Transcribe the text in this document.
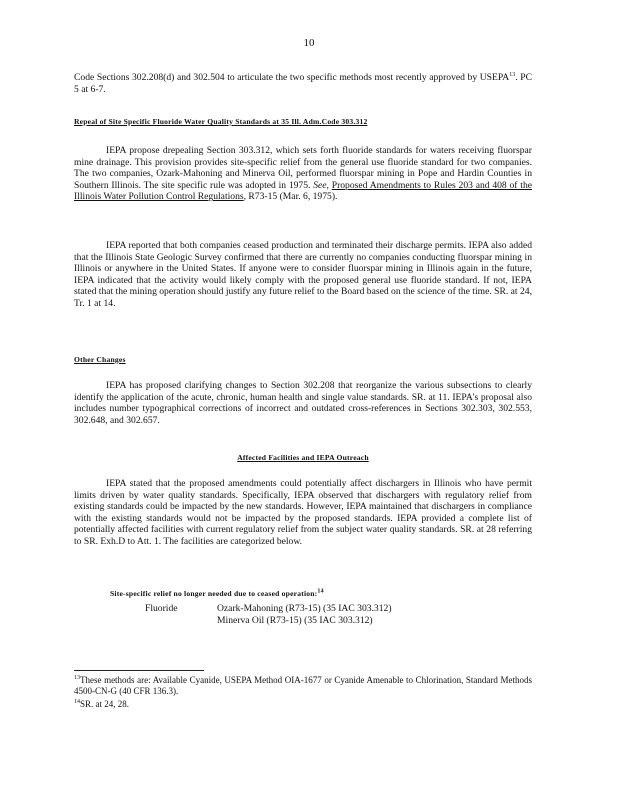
10

Code Sections 302.208(d) and 302.504 to articulate the two specific methods most recently approved by USEPA$^{13}$. PC 5 at 6-7.

Repeal of Site Specific Fluoride Water Quality Standards at 35 Ill. Adm.Code 303.312

IEPA propose drepealing Section 303.312, which sets forth fluoride standards for waters receiving fluorspar mine drainage. This provision provides site-specific relief from the general use fluoride standard for two companies. The two companies, Ozark-Mahoning and Minerva Oil, performed fluorspar mining in Pope and Hardin Counties in Southern Illinois. The site specific rule was adopted in 1975. See, Proposed Amendments to Rules 203 and 408 of the Illinois Water Pollution Control Regulations, R73-15 (Mar. 6, 1975).

IEPA reported that both companies ceased production and terminated their discharge permits. IEPA also added that the Illinois State Geologic Survey confirmed that there are currently no companies conducting fluorspar mining in Illinois or anywhere in the United States. If anyone were to consider fluorspar mining in Illinois again in the future, IEPA indicated that the activity would likely comply with the proposed general use fluoride standard. If not, IEPA stated that the mining operation should justify any future relief to the Board based on the science of the time. SR. at 24, Tr. 1 at 14.

Other Changes

IEPA has proposed clarifying changes to Section 302.208 that reorganize the various subsections to clearly identify the application of the acute, chronic, human health and single value standards. SR. at 11. IEPA's proposal also includes number typographical corrections of incorrect and outdated cross-references in Sections 302.303, 302.553, 302.648, and 302.657.

Affected Facilities and IEPA Outreach

IEPA stated that the proposed amendments could potentially affect dischargers in Illinois who have permit limits driven by water quality standards. Specifically, IEPA observed that dischargers with regulatory relief from existing standards could be impacted by the new standards. However, IEPA maintained that dischargers in compliance with the existing standards would not be impacted by the proposed standards. IEPA provided a complete list of potentially affected facilities with current regulatory relief from the subject water quality standards. SR. at 28 referring to SR. Exh.D to Att. 1. The facilities are categorized below.

Site-specific relief no longer needed due to ceased operation:$^{14}$
Fluoride	Ozark-Mahoning (R73-15) (35 IAC 303.312)
Minerva Oil (R73-15) (35 IAC 303.312)
$^{13}$These methods are: Available Cyanide, USEPA Method OIA-1677 or Cyanide Amenable to Chlorination, Standard Methods 4500-CN-G (40 CFR 136.3).
$^{14}$SR. at 24, 28.
